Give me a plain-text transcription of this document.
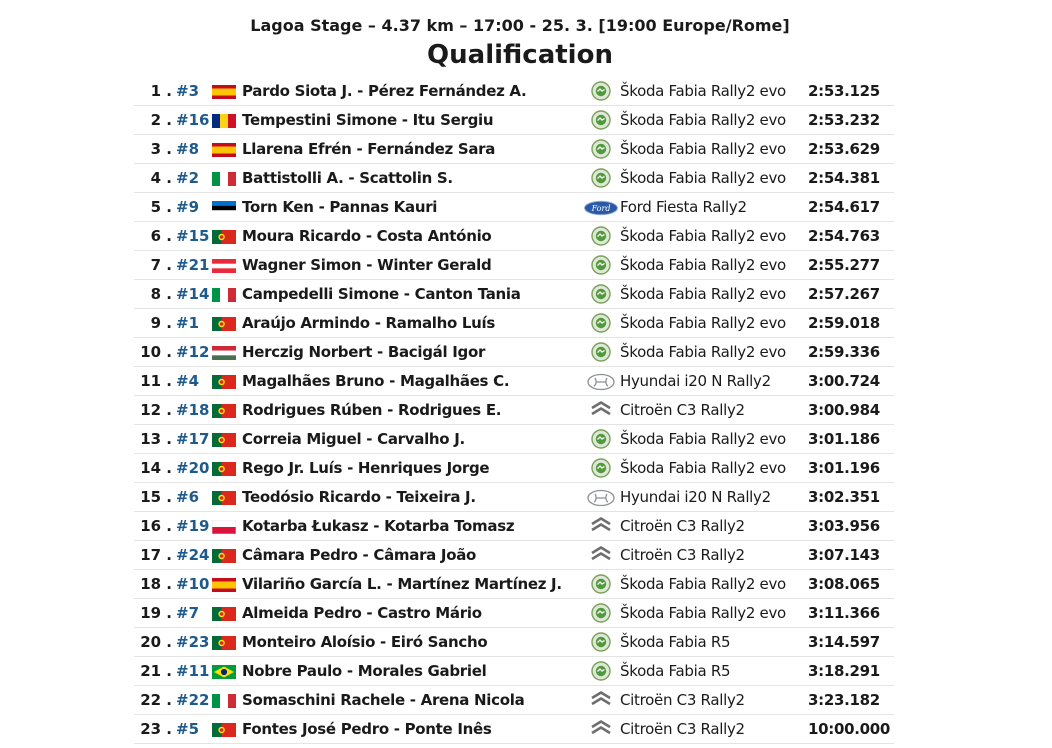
Lagoa Stage – 4.37 km – 17:00 - 25. 3. [19:00 Europe/Rome]
Qualification
1 .	#3		Pardo Siota J. - Pérez Fernández A.		Škoda Fabia Rally2 evo	2:53.125
2 .	#16		Tempestini Simone - Itu Sergiu		Škoda Fabia Rally2 evo	2:53.232
3 .	#8		Llarena Efrén - Fernández Sara		Škoda Fabia Rally2 evo	2:53.629
4 .	#2		Battistolli A. - Scattolin S.		Škoda Fabia Rally2 evo	2:54.381
5 .	#9		Torn Ken - Pannas Kauri	Ford	Ford Fiesta Rally2	2:54.617
6 .	#15		Moura Ricardo - Costa António		Škoda Fabia Rally2 evo	2:54.763
7 .	#21		Wagner Simon - Winter Gerald		Škoda Fabia Rally2 evo	2:55.277
8 .	#14		Campedelli Simone - Canton Tania		Škoda Fabia Rally2 evo	2:57.267
9 .	#1		Araújo Armindo - Ramalho Luís		Škoda Fabia Rally2 evo	2:59.018
10 .	#12		Herczig Norbert - Bacigál Igor		Škoda Fabia Rally2 evo	2:59.336
11 .	#4		Magalhães Bruno - Magalhães C.		Hyundai i20 N Rally2	3:00.724
12 .	#18		Rodrigues Rúben - Rodrigues E.		Citroën C3 Rally2	3:00.984
13 .	#17		Correia Miguel - Carvalho J.		Škoda Fabia Rally2 evo	3:01.186
14 .	#20		Rego Jr. Luís - Henriques Jorge		Škoda Fabia Rally2 evo	3:01.196
15 .	#6		Teodósio Ricardo - Teixeira J.		Hyundai i20 N Rally2	3:02.351
16 .	#19		Kotarba Łukasz - Kotarba Tomasz		Citroën C3 Rally2	3:03.956
17 .	#24		Câmara Pedro - Câmara João		Citroën C3 Rally2	3:07.143
18 .	#10		Vilariño García L. - Martínez Martínez J.		Škoda Fabia Rally2 evo	3:08.065
19 .	#7		Almeida Pedro - Castro Mário		Škoda Fabia Rally2 evo	3:11.366
20 .	#23		Monteiro Aloísio - Eiró Sancho		Škoda Fabia R5	3:14.597
21 .	#11		Nobre Paulo - Morales Gabriel		Škoda Fabia R5	3:18.291
22 .	#22		Somaschini Rachele - Arena Nicola		Citroën C3 Rally2	3:23.182
23 .	#5		Fontes José Pedro - Ponte Inês		Citroën C3 Rally2	10:00.000
